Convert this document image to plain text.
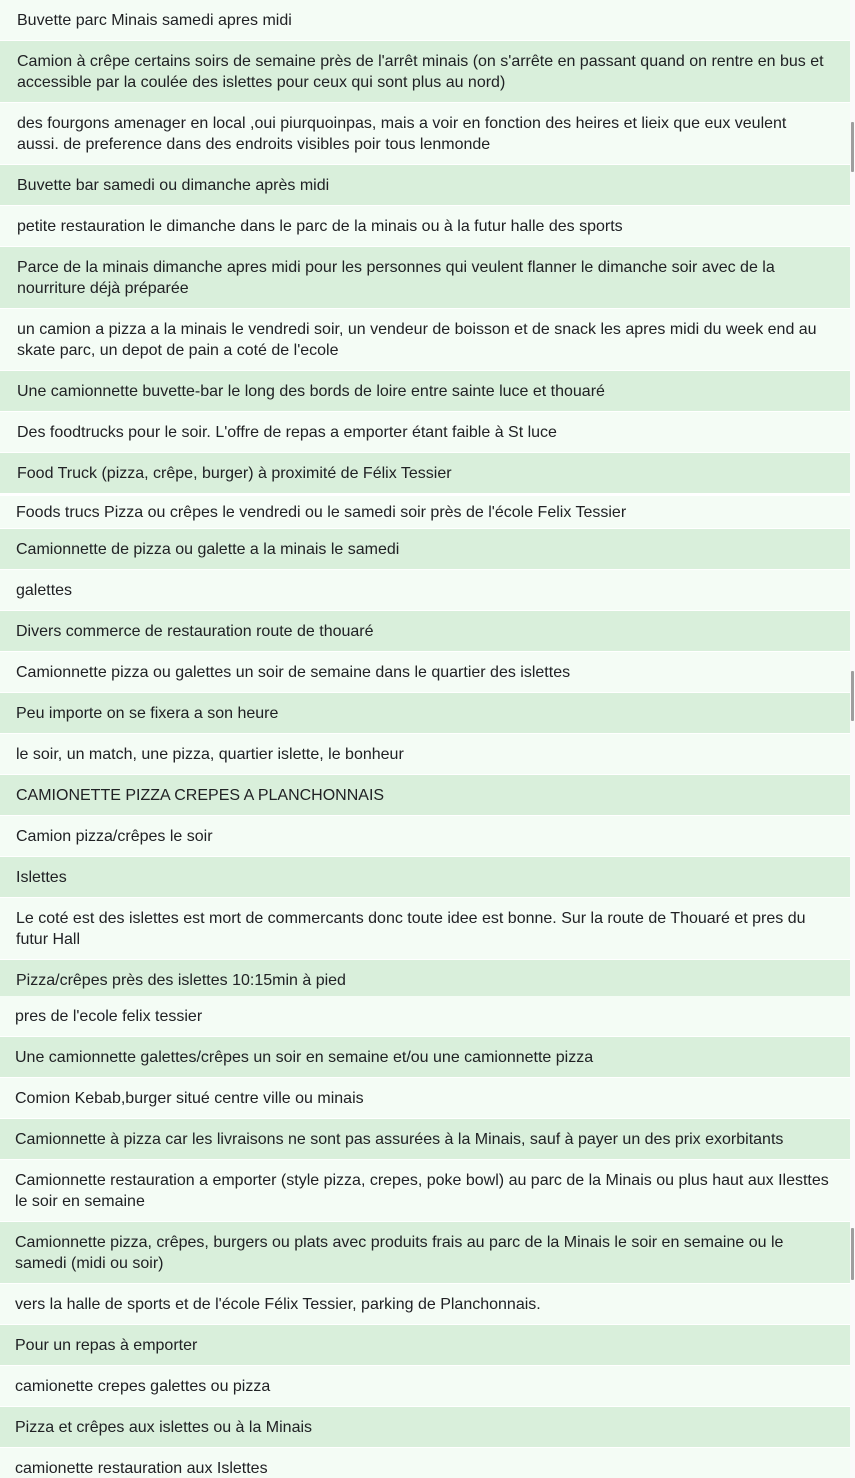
Buvette parc Minais samedi apres midi
Camion à crêpe certains soirs de semaine près de l'arrêt minais (on s'arrête en passant quand on rentre en bus et accessible par la coulée des islettes pour ceux qui sont plus au nord)
des fourgons amenager en local ,oui piurquoinpas, mais a voir en fonction des heires et lieix que eux veulent aussi. de preference dans des endroits visibles poir tous lenmonde
Buvette bar samedi ou dimanche après midi
petite restauration le dimanche dans le parc de la minais ou à la futur halle des sports
Parce de la minais dimanche apres midi pour les personnes qui veulent flanner le dimanche soir avec de la nourriture déjà préparée
un camion a pizza a la minais le vendredi soir, un vendeur de boisson et de snack les apres midi du week end au skate parc, un depot de pain a coté de l'ecole
Une camionnette buvette-bar le long des bords de loire entre sainte luce et thouaré
Des foodtrucks pour le soir. L'offre de repas a emporter étant faible à St luce
Food Truck (pizza, crêpe, burger) à proximité de Félix Tessier
Foods trucs Pizza ou crêpes le vendredi ou le samedi soir près de l'école Felix Tessier
Camionnette de pizza ou galette a la minais le samedi
galettes
Divers commerce de restauration route de thouaré
Camionnette pizza ou galettes un soir de semaine dans le quartier des islettes
Peu importe on se fixera a son heure
le soir, un match, une pizza, quartier islette, le bonheur
CAMIONETTE PIZZA CREPES A PLANCHONNAIS
Camion pizza/crêpes le soir
Islettes
Le coté est des islettes est mort de commercants donc toute idee est bonne. Sur la route de Thouaré et pres du futur Hall
Pizza/crêpes près des islettes 10:15min à pied
pres de l'ecole felix tessier
Une camionnette galettes/crêpes un soir en semaine et/ou une camionnette pizza
Comion Kebab,burger situé centre ville ou minais
Camionnette à pizza car les livraisons ne sont pas assurées à la Minais, sauf à payer un des prix exorbitants
Camionnette restauration a emporter (style pizza, crepes, poke bowl) au parc de la Minais ou plus haut aux Ilesttes le soir en semaine
Camionnette pizza, crêpes, burgers ou plats avec produits frais au parc de la Minais le soir en semaine ou le samedi (midi ou soir)
vers la halle de sports et de l'école Félix Tessier, parking de Planchonnais.
Pour un repas à emporter
camionette crepes galettes ou pizza
Pizza et crêpes aux islettes ou à la Minais
camionette restauration aux Islettes
